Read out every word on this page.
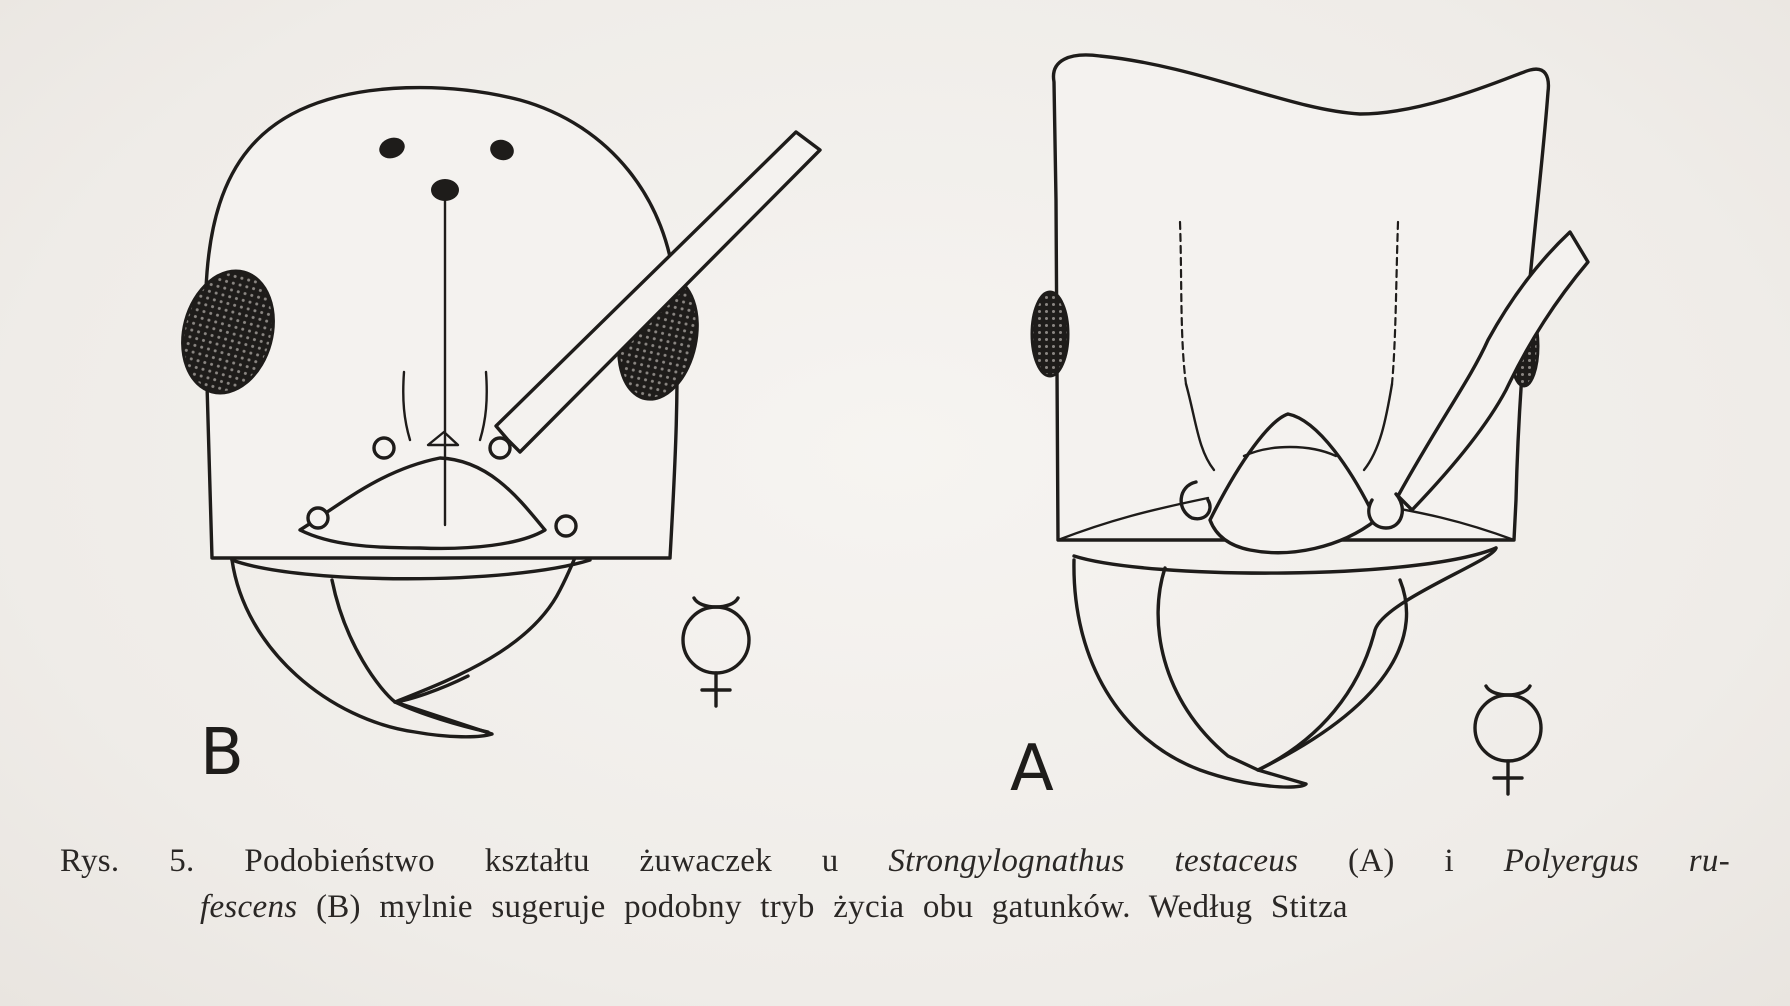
B	A
Rys. 5. Podobieństwo kształtu żuwaczek u Strongylognathus testaceus (A) i Polyergus ru-
fescens (B) mylnie sugeruje podobny tryb życia obu gatunków. Według Stitza
